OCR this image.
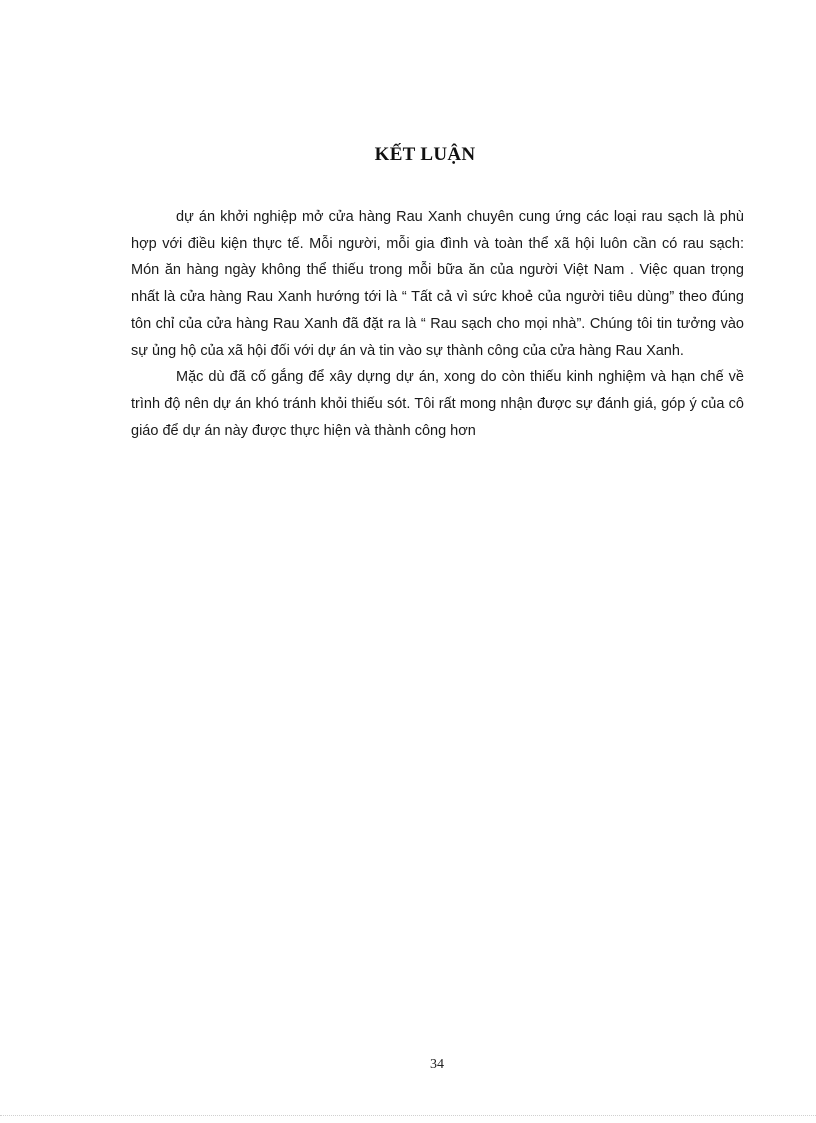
KẾT LUẬN

dự án khởi nghiệp mở cửa hàng Rau Xanh chuyên cung ứng các loại rau sạch là phù hợp với điều kiện thực tế. Mỗi người, mỗi gia đình và toàn thể xã hội luôn cần có rau sạch: Món ăn hàng ngày không thể thiếu trong mỗi bữa ăn của người Việt Nam . Việc quan trọng nhất là cửa hàng Rau Xanh hướng tới là “ Tất cả vì sức khoẻ của người tiêu dùng” theo đúng tôn chỉ của cửa hàng Rau Xanh đã đặt ra là “ Rau sạch cho mọi nhà”. Chúng tôi tin tưởng vào sự ủng hộ của xã hội đối với dự án và tin vào sự thành công của cửa hàng Rau Xanh.

Mặc dù đã cố gắng để xây dựng dự án, xong do còn thiếu kinh nghiệm và hạn chế về trình độ nên dự án khó tránh khỏi thiếu sót. Tôi rất mong nhận được sự đánh giá, góp ý của cô giáo để dự án này được thực hiện và thành công hơn

34
